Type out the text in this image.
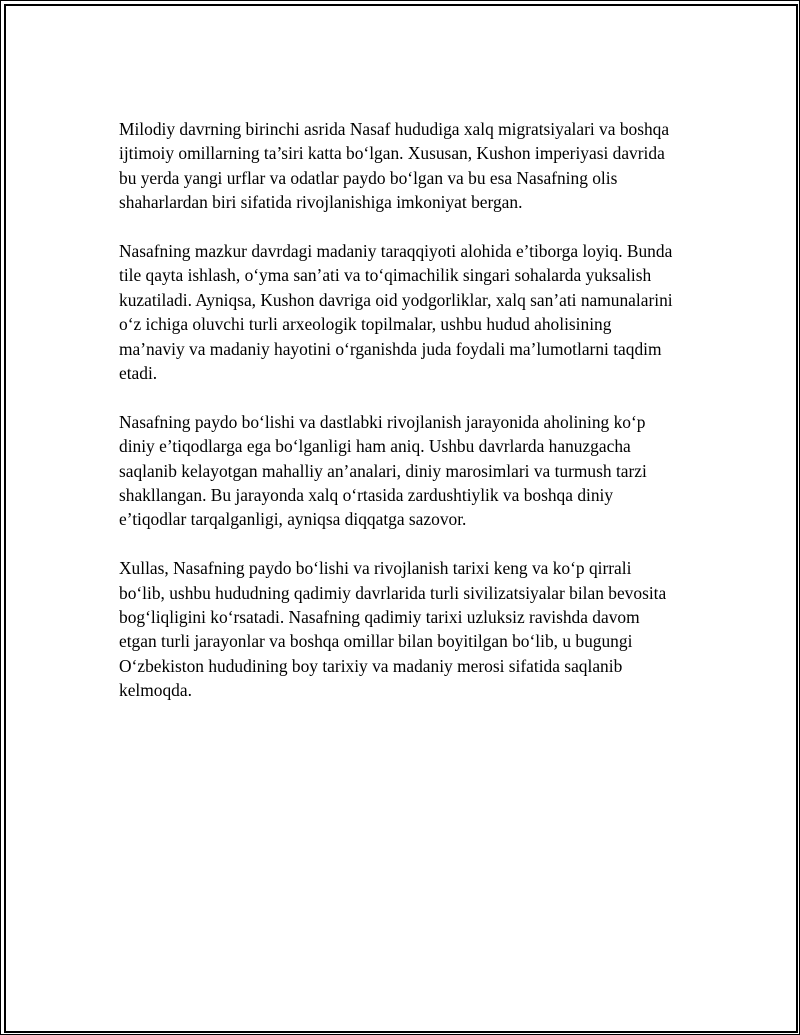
Milodiy davrning birinchi asrida Nasaf hududiga xalq migratsiyalari va boshqa ijtimoiy omillarning ta’siri katta bo‘lgan. Xususan, Kushon imperiyasi davrida bu yerda yangi urflar va odatlar paydo bo‘lgan va bu esa Nasafning olis shaharlardan biri sifatida rivojlanishiga imkoniyat bergan.

Nasafning mazkur davrdagi madaniy taraqqiyoti alohida e’tiborga loyiq. Bunda tile qayta ishlash, o‘yma san’ati va to‘qimachilik singari sohalarda yuksalish kuzatiladi. Ayniqsa, Kushon davriga oid yodgorliklar, xalq san’ati namunalarini o‘z ichiga oluvchi turli arxeologik topilmalar, ushbu hudud aholisining ma’naviy va madaniy hayotini o‘rganishda juda foydali ma’lumotlarni taqdim etadi.

Nasafning paydo bo‘lishi va dastlabki rivojlanish jarayonida aholining ko‘p diniy e’tiqodlarga ega bo‘lganligi ham aniq. Ushbu davrlarda hanuzgacha saqlanib kelayotgan mahalliy an’analari, diniy marosimlari va turmush tarzi shakllangan. Bu jarayonda xalq o‘rtasida zardushtiylik va boshqa diniy e’tiqodlar tarqalganligi, ayniqsa diqqatga sazovor.

Xullas, Nasafning paydo bo‘lishi va rivojlanish tarixi keng va ko‘p qirrali bo‘lib, ushbu hududning qadimiy davrlarida turli sivilizatsiyalar bilan bevosita bog‘liqligini ko‘rsatadi. Nasafning qadimiy tarixi uzluksiz ravishda davom etgan turli jarayonlar va boshqa omillar bilan boyitilgan bo‘lib, u bugungi O‘zbekiston hududining boy tarixiy va madaniy merosi sifatida saqlanib kelmoqda.
